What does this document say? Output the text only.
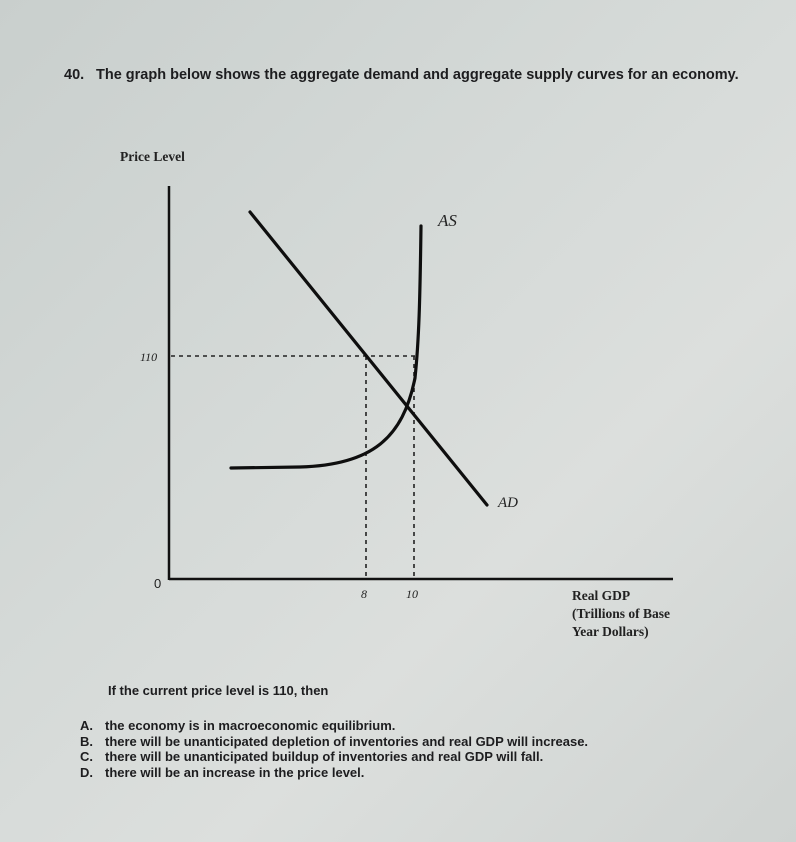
40. The graph below shows the aggregate demand and aggregate supply curves for an economy.
Price Level
110
0
8	10
AS
AD
Real GDP
(Trillions of Base
Year Dollars)
If the current price level is 110, then
A. the economy is in macroeconomic equilibrium.
B. there will be unanticipated depletion of inventories and real GDP will increase.
C. there will be unanticipated buildup of inventories and real GDP will fall.
D. there will be an increase in the price level.
